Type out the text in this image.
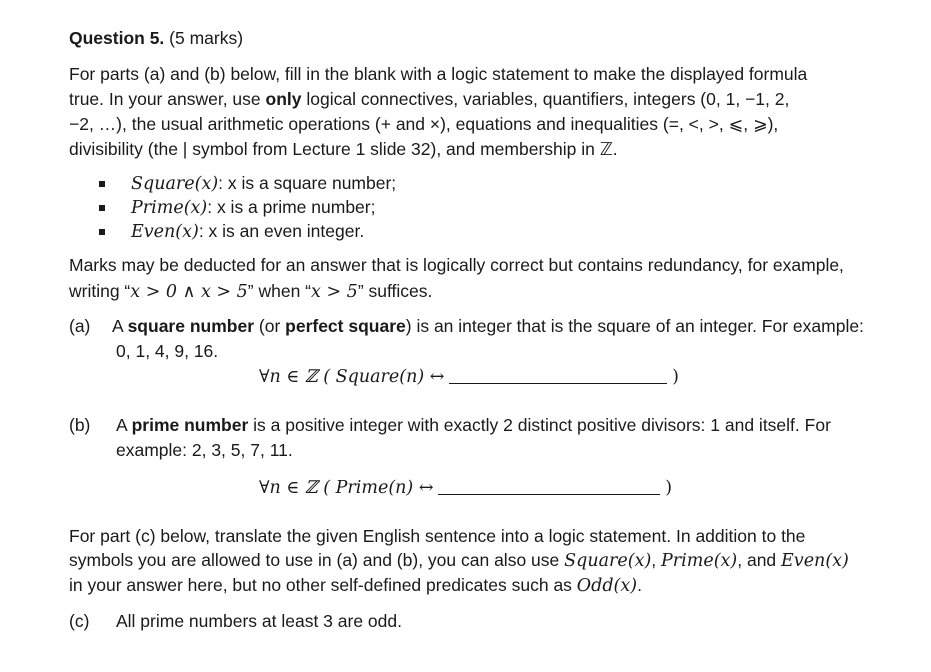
Question 5. (5 marks)
For parts (a) and (b) below, fill in the blank with a logic statement to make the displayed formula
true. In your answer, use only logical connectives, variables, quantifiers, integers (0, 1, −1, 2,
−2, …), the usual arithmetic operations (+ and ×), equations and inequalities (=, <, >, ⩽, ⩾),
divisibility (the | symbol from Lecture 1 slide 32), and membership in ℤ.
Square(x): x is a square number;
Prime(x): x is a prime number;
Even(x): x is an even integer.
Marks may be deducted for an answer that is logically correct but contains redundancy, for example,
writing “x > 0 ∧ x > 5” when “x > 5” suffices.
(a) A square number (or perfect square) is an integer that is the square of an integer. For example:
0, 1, 4, 9, 16.
∀n ∈ ℤ ( Square(n) ↔	)
(b) A prime number is a positive integer with exactly 2 distinct positive divisors: 1 and itself. For
example: 2, 3, 5, 7, 11.
∀n ∈ ℤ ( Prime(n) ↔	)
For part (c) below, translate the given English sentence into a logic statement. In addition to the
symbols you are allowed to use in (a) and (b), you can also use Square(x), Prime(x), and Even(x)
in your answer here, but no other self-defined predicates such as Odd(x).
(c) All prime numbers at least 3 are odd.
